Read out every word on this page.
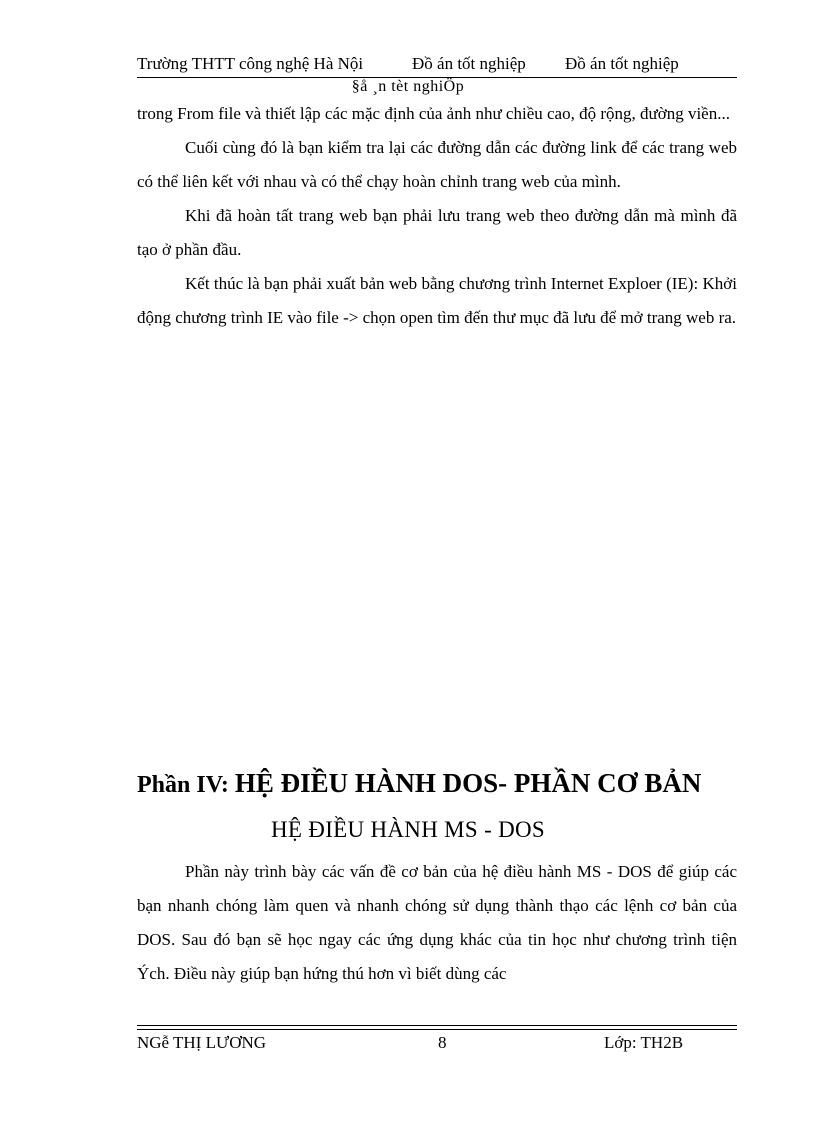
Trường THTT công nghệ Hà Nội	Đồ án tốt nghiệp Đồ án tốt nghiệp
§å ¸n tèt nghiÖp

trong From file và thiết lập các mặc định của ảnh như chiều cao, độ rộng, đường viền...

Cuối cùng đó là bạn kiểm tra lại các đường dẫn các đường link để các trang web có thể liên kết với nhau và có thể chạy hoàn chỉnh trang web của mình.

Khi đã hoàn tất trang web bạn phải lưu trang web theo đường dẫn mà mình đã tạo ở phần đầu.

Kết thúc là bạn phải xuất bản web bằng chương trình Internet Exploer (IE): Khởi động chương trình IE vào file -> chọn open tìm đến thư mục đã lưu để mở trang web ra.

Phần IV: HỆ ĐIỀU HÀNH DOS- PHẦN CƠ BẢN
HỆ ĐIỀU HÀNH MS - DOS

Phần này trình bày các vấn đề cơ bản của hệ điều hành MS - DOS để giúp các bạn nhanh chóng làm quen và nhanh chóng sử dụng thành thạo các lệnh cơ bản của DOS. Sau đó bạn sẽ học ngay các ứng dụng khác của tin học như chương trình tiện Ých. Điều này giúp bạn hứng thú hơn vì biết dùng các

NGễ THỊ LƯƠNG	8	Lớp: TH2B
